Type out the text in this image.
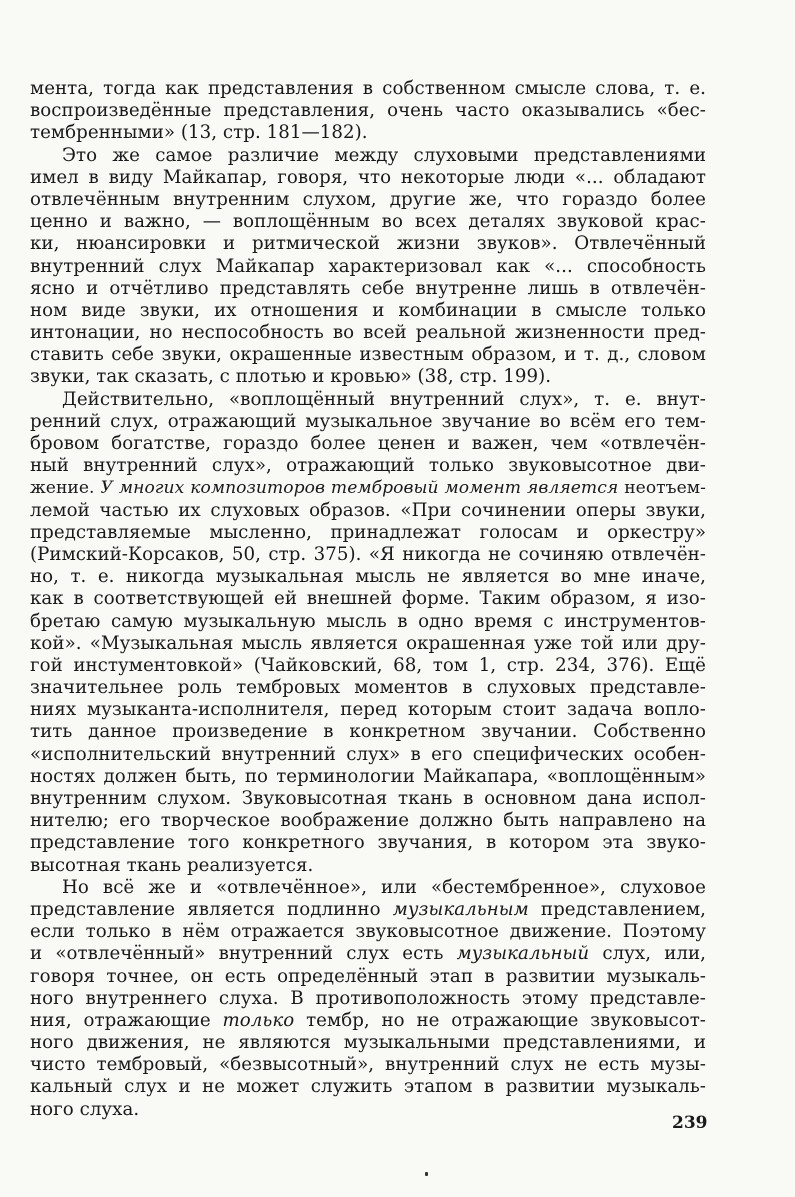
мента, тогда как представления в собственном смысле слова, т. е.
воспроизведённые представления, очень часто оказывались «бес-
тембренными» (13, стр. 181—182).
Это же самое различие между слуховыми представлениями
имел в виду Майкапар, говоря, что некоторые люди «... обладают
отвлечённым внутренним слухом, другие же, что гораздо более
ценно и важно, — воплощённым во всех деталях звуковой крас-
ки, нюансировки и ритмической жизни звуков». Отвлечённый
внутренний слух Майкапар характеризовал как «... способность
ясно и отчётливо представлять себе внутренне лишь в отвлечён-
ном виде звуки, их отношения и комбинации в смысле только
интонации, но неспособность во всей реальной жизненности пред-
ставить себе звуки, окрашенные известным образом, и т. д., словом
звуки, так сказать, с плотью и кровью» (38, стр. 199).
Действительно, «воплощённый внутренний слух», т. е. внут-
ренний слух, отражающий музыкальное звучание во всём его тем-
бровом богатстве, гораздо более ценен и важен, чем «отвлечён-
ный внутренний слух», отражающий только звуковысотное дви-
жение. У многих композиторов тембровый момент является неотъем-
лемой частью их слуховых образов. «При сочинении оперы звуки,
представляемые мысленно, принадлежат голосам и оркестру»
(Римский-Корсаков, 50, стр. 375). «Я никогда не сочиняю отвлечён-
но, т. е. никогда музыкальная мысль не является во мне иначе,
как в соответствующей ей внешней форме. Таким образом, я изо-
бретаю самую музыкальную мысль в одно время с инструментов-
кой». «Музыкальная мысль является окрашенная уже той или дру-
гой инстументовкой» (Чайковский, 68, том 1, стр. 234, 376). Ещё
значительнее роль тембровых моментов в слуховых представле-
ниях музыканта-исполнителя, перед которым стоит задача вопло-
тить данное произведение в конкретном звучании. Собственно
«исполнительский внутренний слух» в его специфических особен-
ностях должен быть, по терминологии Майкапара, «воплощённым»
внутренним слухом. Звуковысотная ткань в основном дана испол-
нителю; его творческое воображение должно быть направлено на
представление того конкретного звучания, в котором эта звуко-
высотная ткань реализуется.
Но всё же и «отвлечённое», или «бестембренное», слуховое
представление является подлинно музыкальным представлением,
если только в нём отражается звуковысотное движение. Поэтому
и «отвлечённый» внутренний слух есть музыкальный слух, или,
говоря точнее, он есть определённый этап в развитии музыкаль-
ного внутреннего слуха. В противоположность этому представле-
ния, отражающие только тембр, но не отражающие звуковысот-
ного движения, не являются музыкальными представлениями, и
чисто тембровый, «безвысотный», внутренний слух не есть музы-
кальный слух и не может служить этапом в развитии музыкаль-
ного слуха.
239
